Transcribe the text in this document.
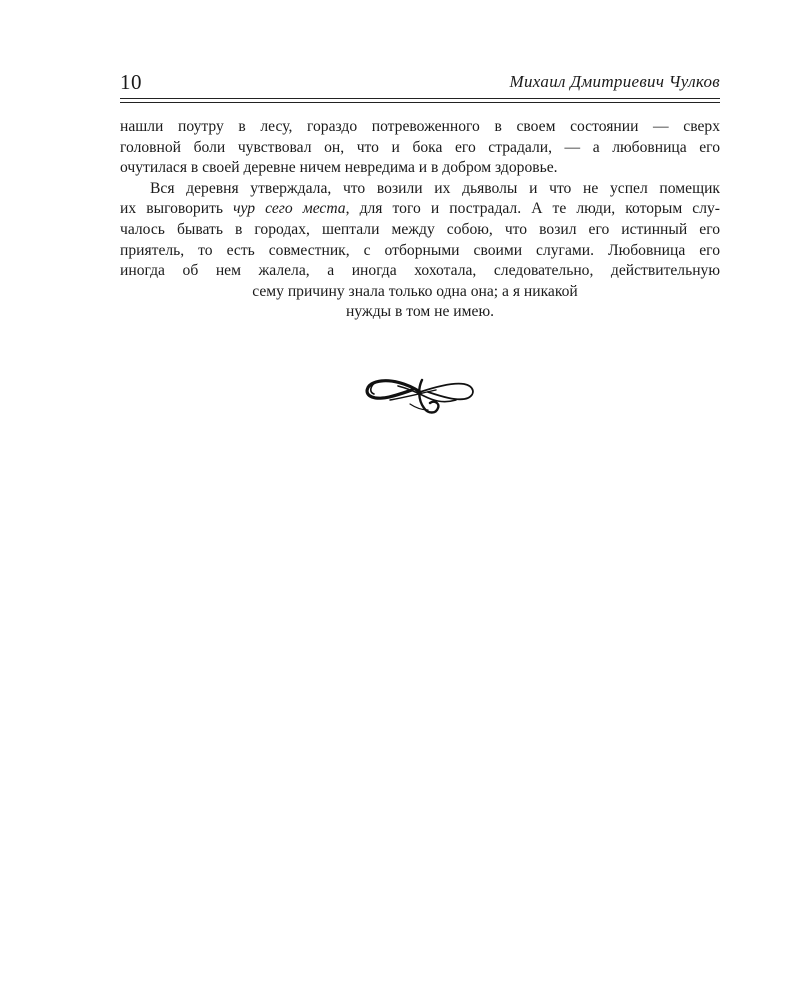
10	Михаил Дмитриевич Чулков
нашли поутру в лесу, гораздо потревоженного в своем состоянии — сверх
головной боли чувствовал он, что и бока его страдали, — а любовница его
очутилася в своей деревне ничем невредима и в добром здоровье.
Вся деревня утверждала, что возили их дьяволы и что не успел помещик
их выговорить чур сего места, для того и пострадал. А те люди, которым слу-
чалось бывать в городах, шептали между собою, что возил его истинный его
приятель, то есть совместник, с отборными своими слугами. Любовница его
иногда об нем жалела, а иногда хохотала, следовательно, действительную
сему причину знала только одна она; а я никакой
нужды в том не имею.
